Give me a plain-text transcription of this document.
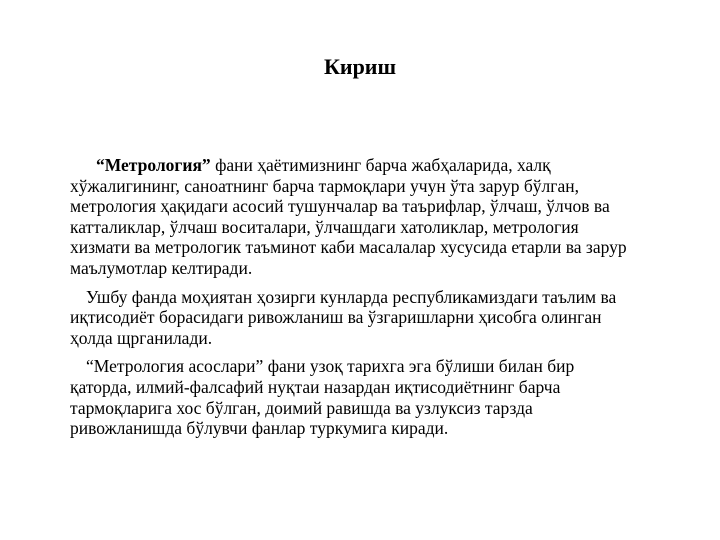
Кириш

“Метрология” фани ҳаётимизнинг барча жабҳаларида, халқ
хўжалигининг, саноатнинг барча тармоқлари учун ўта зарур бўлган,
метрология ҳақидаги асосий тушунчалар ва таърифлар, ўлчаш, ўлчов ва
катталиклар, ўлчаш воситалари, ўлчашдаги хатоликлар, метрология
хизмати ва метрологик таъминот каби масалалар хусусида етарли ва зарур
маълумотлар келтиради.

Ушбу фанда моҳиятан ҳозирги кунларда республикамиздаги таълим ва
иқтисодиёт борасидаги ривожланиш ва ўзгаришларни ҳисобга олинган
ҳолда щрганилади.

“Метрология асослари” фани узоқ тарихга эга бўлиши билан бир
қаторда, илмий-фалсафий нуқтаи назардан иқтисодиётнинг барча
тармоқларига хос бўлган, доимий равишда ва узлуксиз тарзда
ривожланишда бўлувчи фанлар туркумига киради.
